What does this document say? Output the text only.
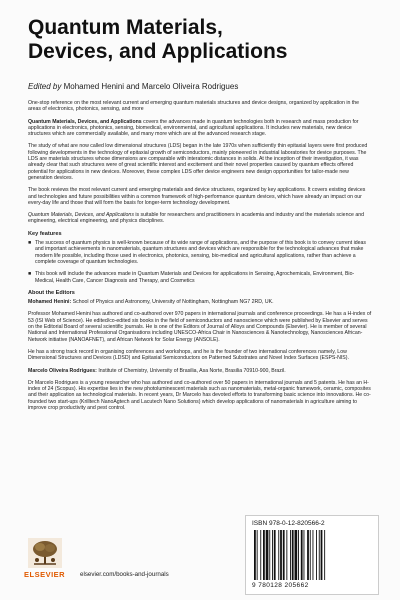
Quantum Materials,
Devices, and Applications
Edited by Mohamed Henini and Marcelo Oliveira Rodrigues

One-stop reference on the most relevant current and emerging quantum materials structures and device designs, organized by application in the areas of electronics, photonics, sensing, and more

Quantum Materials, Devices, and Applications covers the advances made in quantum technologies both in research and mass production for applications in electronics, photonics, sensing, biomedical, environmental, and agricultural applications. It includes new materials, new device structures which are commercially available, and many more which are at the advanced research stage.

The study of what are now called low dimensional structures (LDS) began in the late 1970s when sufficiently thin epitaxial layers were first produced following developments in the technology of epitaxial growth of semiconductors, mainly pioneered in industrial laboratories for device purposes. The LDS are materials structures whose dimensions are comparable with interatomic distances in solids. At the inception of their investigation, it was already clear that such structures were of great scientific interest and excitement and their novel properties caused by quantum effects offered potential for applications in new devices. Moreover, these complex LDS offer device engineers new design opportunities for tailor-made new generation devices.

The book reviews the most relevant current and emerging materials and device structures, organized by key applications. It covers existing devices and technologies and future possibilities within a common framework of high-performance quantum devices, which have already an impact on our every-day life and those that will form the basis for longer-term technology development.

Quantum Materials, Devices, and Applications is suitable for researchers and practitioners in academia and industry and the materials science and engineering, electrical engineering, and physics disciplines.

Key features
■ The success of quantum physics is well-known because of its wide range of applications, and the purpose of this book is to convey current ideas and important achievements in nanomaterials, quantum structures and devices which are responsible for the technological advances that make modern life possible, including those used in electronics, photonics, sensing, bio-medical and agricultural applications, rather than achieve a complete coverage of quantum technologies.
■ This book will include the advances made in Quantum Materials and Devices for applications in Sensing, Agrochemicals, Environment, Bio-Medical, Health Care, Cancer Diagnosis and Therapy, and Cosmetics
About the Editors

Mohamed Henini: School of Physics and Astronomy, University of Nottingham, Nottingham NG7 2RD, UK.

Professor Mohamed Henini has authored and co-authored over 970 papers in international journals and conference proceedings. He has a H-index of 53 (ISI Web of Science). He edited/co-edited six books in the field of semiconductors and nanoscience which were published by Elsevier and serves on the Editorial Board of several scientific journals. He is one of the Editors of Journal of Alloys and Compounds (Elsevier). He is member of several National and International Professional Organisations including UNESCO-Africa Chair in Nanosciences & Nanotechnology, Nanosciences African-Network initiative (NANOAFNET), and African Network for Solar Energy (ANSOLE).

He has a strong track record in organising conferences and workshops, and he is the founder of two international conferences namely, Low Dimensional Structures and Devices (LDSD) and Epitaxial Semiconductors on Patterned Substrates and Novel Index Surfaces (ESPS-NIS).

Marcelo Oliveira Rodrigues: Institute of Chemistry, University of Brasilia, Asa Norte, Brasilia 70910-900, Brazil.

Dr Marcelo Rodrigues is a young researcher who has authored and co-authored over 50 papers in international journals and 5 patents. He has an H-index of 24 (Scopus). His expertise lies in the new photoluminescent materials such as nanomaterials, metal-organic framework, ceramic, composites and their application as technological materials. In recent years, Dr Marcelo has devoted efforts to transforming basic science into innovations. He co-founded two start-ups (Krilltech NanoAgtech and Lacutech Nano Solutions) which develop applications of nanomaterials in agriculture aiming to improve crop productivity and pest control.

ELSEVIER elsevier.com/books-and-journals
ISBN 978-0-12-820566-2
9 780128 205662
